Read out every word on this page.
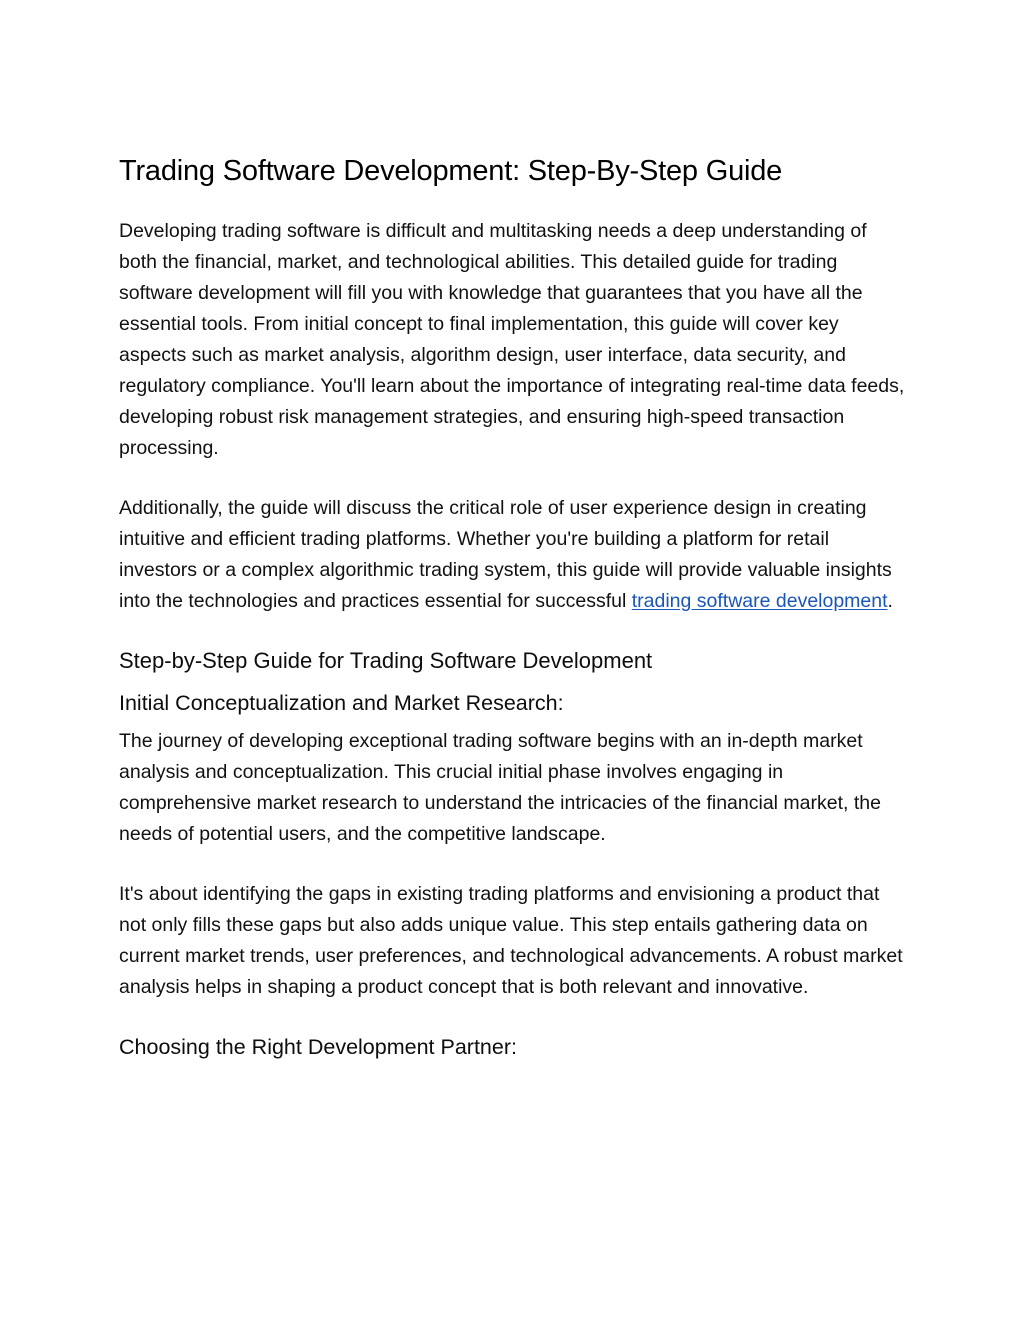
Trading Software Development: Step-By-Step Guide

Developing trading software is difficult and multitasking needs a deep understanding of both the financial, market, and technological abilities. This detailed guide for trading software development will fill you with knowledge that guarantees that you have all the essential tools. From initial concept to final implementation, this guide will cover key aspects such as market analysis, algorithm design, user interface, data security, and regulatory compliance. You'll learn about the importance of integrating real-time data feeds, developing robust risk management strategies, and ensuring high-speed transaction processing.

Additionally, the guide will discuss the critical role of user experience design in creating intuitive and efficient trading platforms. Whether you're building a platform for retail investors or a complex algorithmic trading system, this guide will provide valuable insights into the technologies and practices essential for successful trading software development.

Step-by-Step Guide for Trading Software Development
Initial Conceptualization and Market Research:

The journey of developing exceptional trading software begins with an in-depth market analysis and conceptualization. This crucial initial phase involves engaging in comprehensive market research to understand the intricacies of the financial market, the needs of potential users, and the competitive landscape.

It's about identifying the gaps in existing trading platforms and envisioning a product that not only fills these gaps but also adds unique value. This step entails gathering data on current market trends, user preferences, and technological advancements. A robust market analysis helps in shaping a product concept that is both relevant and innovative.

Choosing the Right Development Partner:
